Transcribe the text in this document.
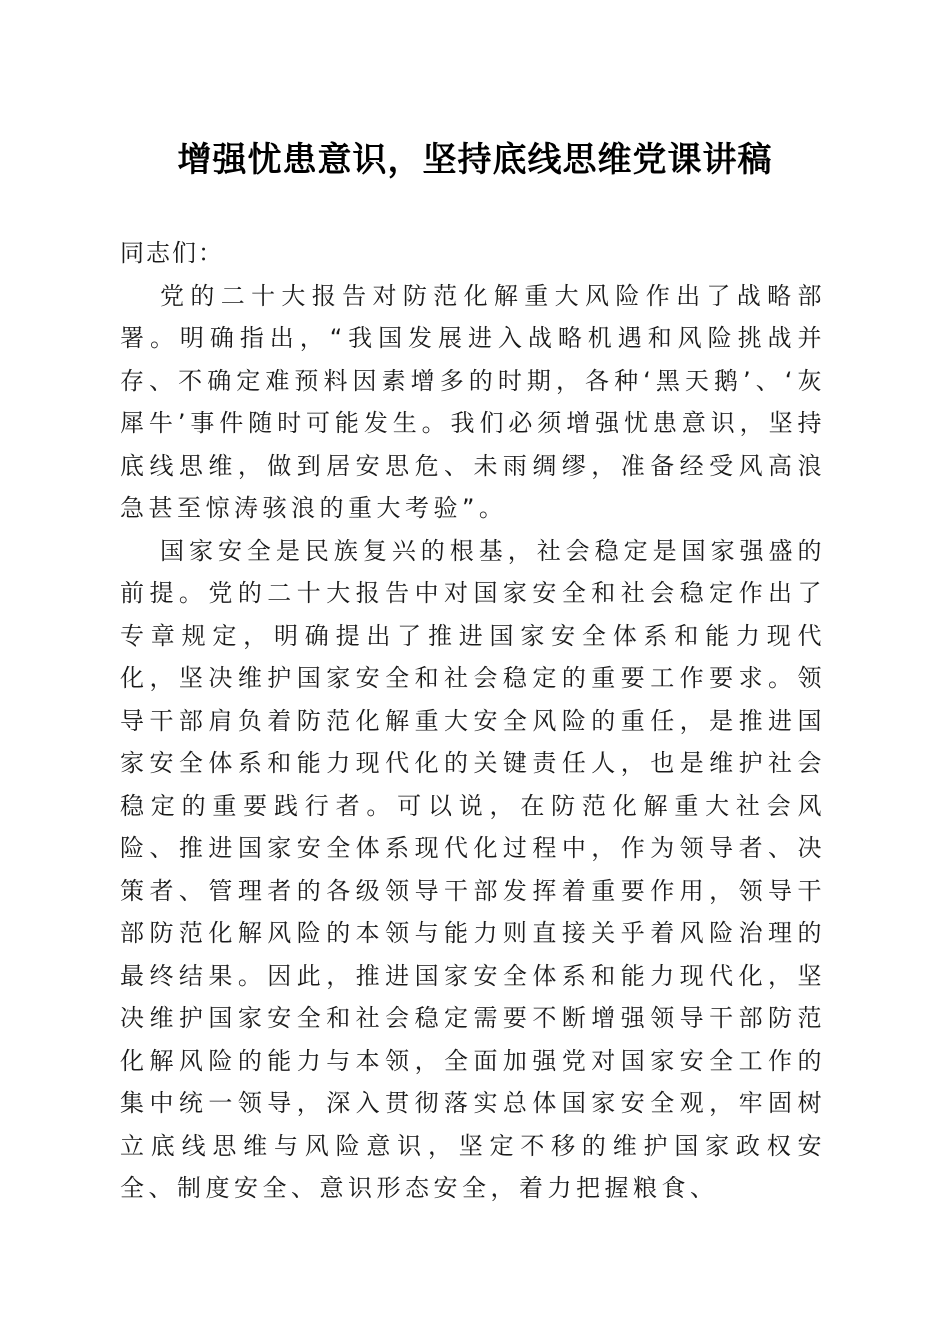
增强忧患意识，坚持底线思维党课讲稿

同志们：

党的二十大报告对防范化解重大风险作出了战略部署。明确指出，“我国发展进入战略机遇和风险挑战并存、不确定难预料因素增多的时期，各种‘黑天鹅’、‘灰犀牛’事件随时可能发生。我们必须增强忧患意识，坚持底线思维，做到居安思危、未雨绸缪，准备经受风高浪急甚至惊涛骇浪的重大考验”。

国家安全是民族复兴的根基，社会稳定是国家强盛的前提。党的二十大报告中对国家安全和社会稳定作出了专章规定，明确提出了推进国家安全体系和能力现代化，坚决维护国家安全和社会稳定的重要工作要求。领导干部肩负着防范化解重大安全风险的重任，是推进国家安全体系和能力现代化的关键责任人，也是维护社会稳定的重要践行者。可以说，在防范化解重大社会风险、推进国家安全体系现代化过程中，作为领导者、决策者、管理者的各级领导干部发挥着重要作用，领导干部防范化解风险的本领与能力则直接关乎着风险治理的最终结果。因此，推进国家安全体系和能力现代化，坚决维护国家安全和社会稳定需要不断增强领导干部防范化解风险的能力与本领，全面加强党对国家安全工作的集中统一领导，深入贯彻落实总体国家安全观，牢固树立底线思维与风险意识，坚定不移的维护国家政权安全、制度安全、意识形态安全，着力把握粮食、
